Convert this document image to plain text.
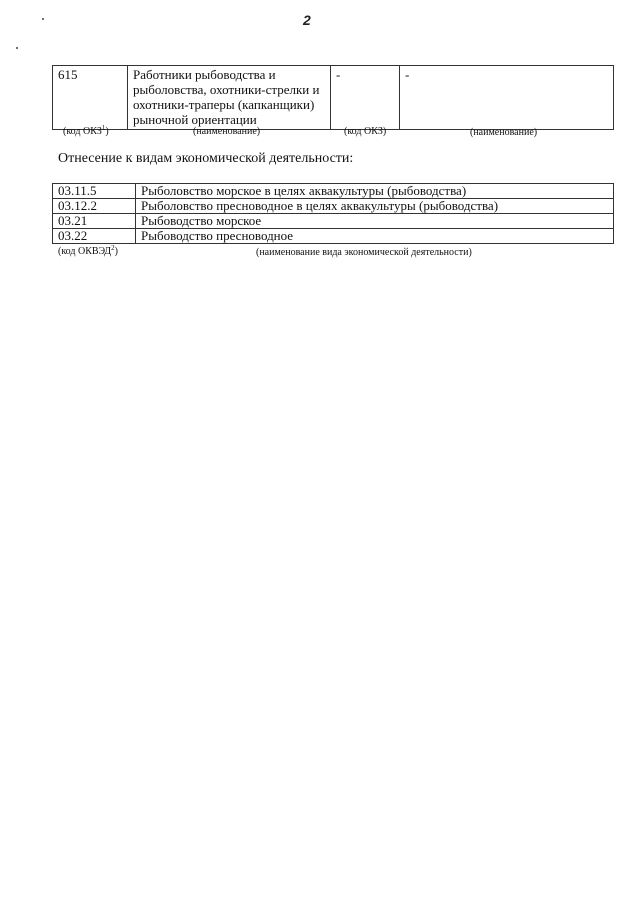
2
615	Работники рыбоводства и рыболовства, охотники-стрелки и охотники-траперы (капканщики) рыночной ориентации	-	-
(код ОКЗ$^1$)	(наименование)	(код ОКЗ)	(наименование)
Отнесение к видам экономической деятельности:
03.11.5	Рыболовство морское в целях аквакультуры (рыбоводства)
03.12.2	Рыболовство пресноводное в целях аквакультуры (рыбоводства)
03.21	Рыбоводство морское
03.22	Рыбоводство пресноводное
(код ОКВЭД$^2$)	(наименование вида экономической деятельности)
